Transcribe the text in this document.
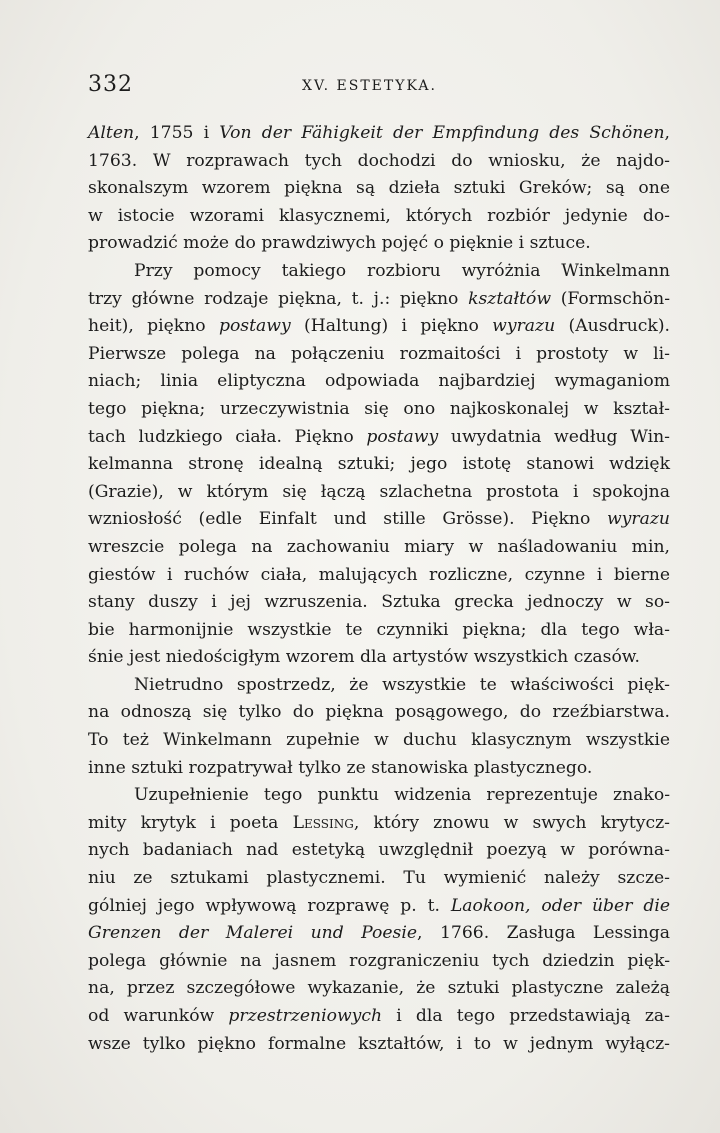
332	XV. ESTETYKA.
Alten, 1755 i Von der Fähigkeit der Empfindung des Schönen,
1763. W rozprawach tych dochodzi do wniosku, że najdo-
skonalszym wzorem piękna są dzieła sztuki Greków; są one
w istocie wzorami klasycznemi, których rozbiór jedynie do-
prowadzić może do prawdziwych pojęć o pięknie i sztuce.
Przy pomocy takiego rozbioru wyróżnia Winkelmann
trzy główne rodzaje piękna, t. j.: piękno kształtów (Formschön-
heit), piękno postawy (Haltung) i piękno wyrazu (Ausdruck).
Pierwsze polega na połączeniu rozmaitości i prostoty w li-
niach; linia eliptyczna odpowiada najbardziej wymaganiom
tego piękna; urzeczywistnia się ono najkoskonalej w kształ-
tach ludzkiego ciała. Piękno postawy uwydatnia według Win-
kelmanna stronę idealną sztuki; jego istotę stanowi wdzięk
(Grazie), w którym się łączą szlachetna prostota i spokojna
wzniosłość (edle Einfalt und stille Grösse). Piękno wyrazu
wreszcie polega na zachowaniu miary w naśladowaniu min,
giestów i ruchów ciała, malujących rozliczne, czynne i bierne
stany duszy i jej wzruszenia. Sztuka grecka jednoczy w so-
bie harmonijnie wszystkie te czynniki piękna; dla tego wła-
śnie jest niedościgłym wzorem dla artystów wszystkich czasów.
Nietrudno spostrzedz, że wszystkie te właściwości pięk-
na odnoszą się tylko do piękna posągowego, do rzeźbiarstwa.
To też Winkelmann zupełnie w duchu klasycznym wszystkie
inne sztuki rozpatrywał tylko ze stanowiska plastycznego.
Uzupełnienie tego punktu widzenia reprezentuje znako-
mity krytyk i poeta Lessing, który znowu w swych krytycz-
nych badaniach nad estetyką uwzględnił poezyą w porówna-
niu ze sztukami plastycznemi. Tu wymienić należy szcze-
gólniej jego wpływową rozprawę p. t. Laokoon, oder über die
Grenzen der Malerei und Poesie, 1766. Zasługa Lessinga
polega głównie na jasnem rozgraniczeniu tych dziedzin pięk-
na, przez szczegółowe wykazanie, że sztuki plastyczne zależą
od warunków przestrzeniowych i dla tego przedstawiają za-
wsze tylko piękno formalne kształtów, i to w jednym wyłącz-
